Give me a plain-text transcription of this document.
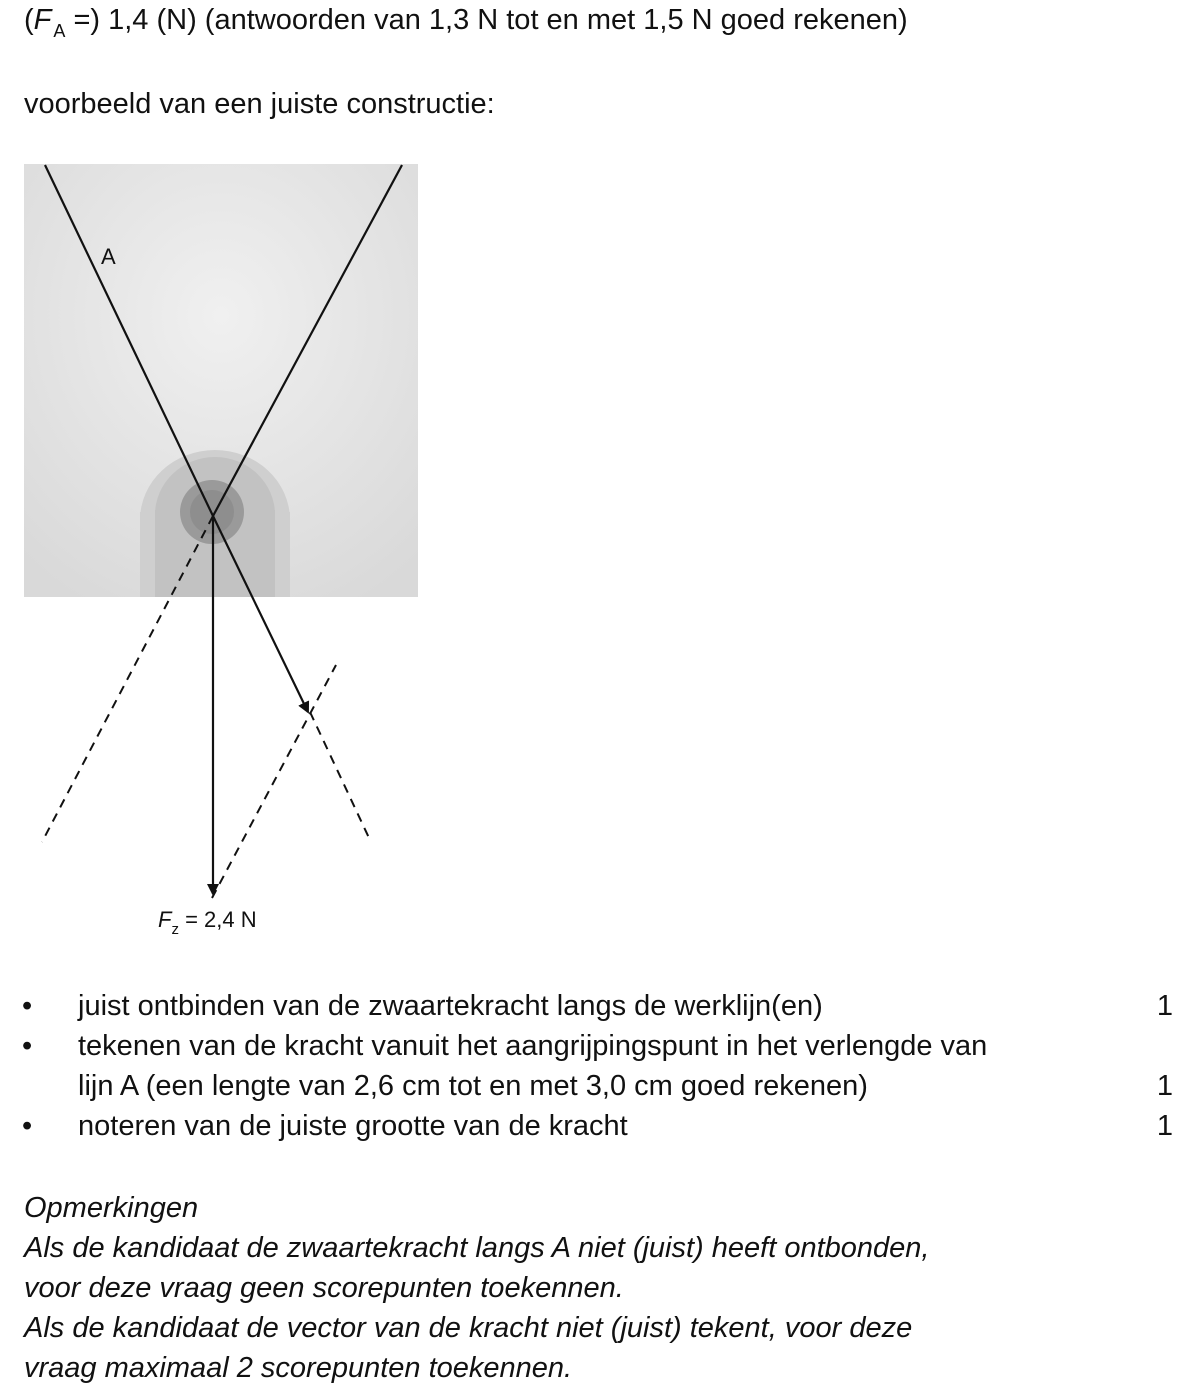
(F $_A$ =) 1,4 (N) (antwoorden van 1,3 N tot en met 1,5 N goed rekenen)
voorbeeld van een juiste constructie:
A
$F_z = 2,4$ N
• juist ontbinden van de zwaartekracht langs de werklijn(en)	1
• tekenen van de kracht vanuit het aangrijpingspunt in het verlengde van
lijn A (een lengte van 2,6 cm tot en met 3,0 cm goed rekenen)	1
• noteren van de juiste grootte van de kracht	1
Opmerkingen
Als de kandidaat de zwaartekracht langs A niet (juist) heeft ontbonden,
voor deze vraag geen scorepunten toekennen.
Als de kandidaat de vector van de kracht niet (juist) tekent, voor deze
vraag maximaal 2 scorepunten toekennen.
